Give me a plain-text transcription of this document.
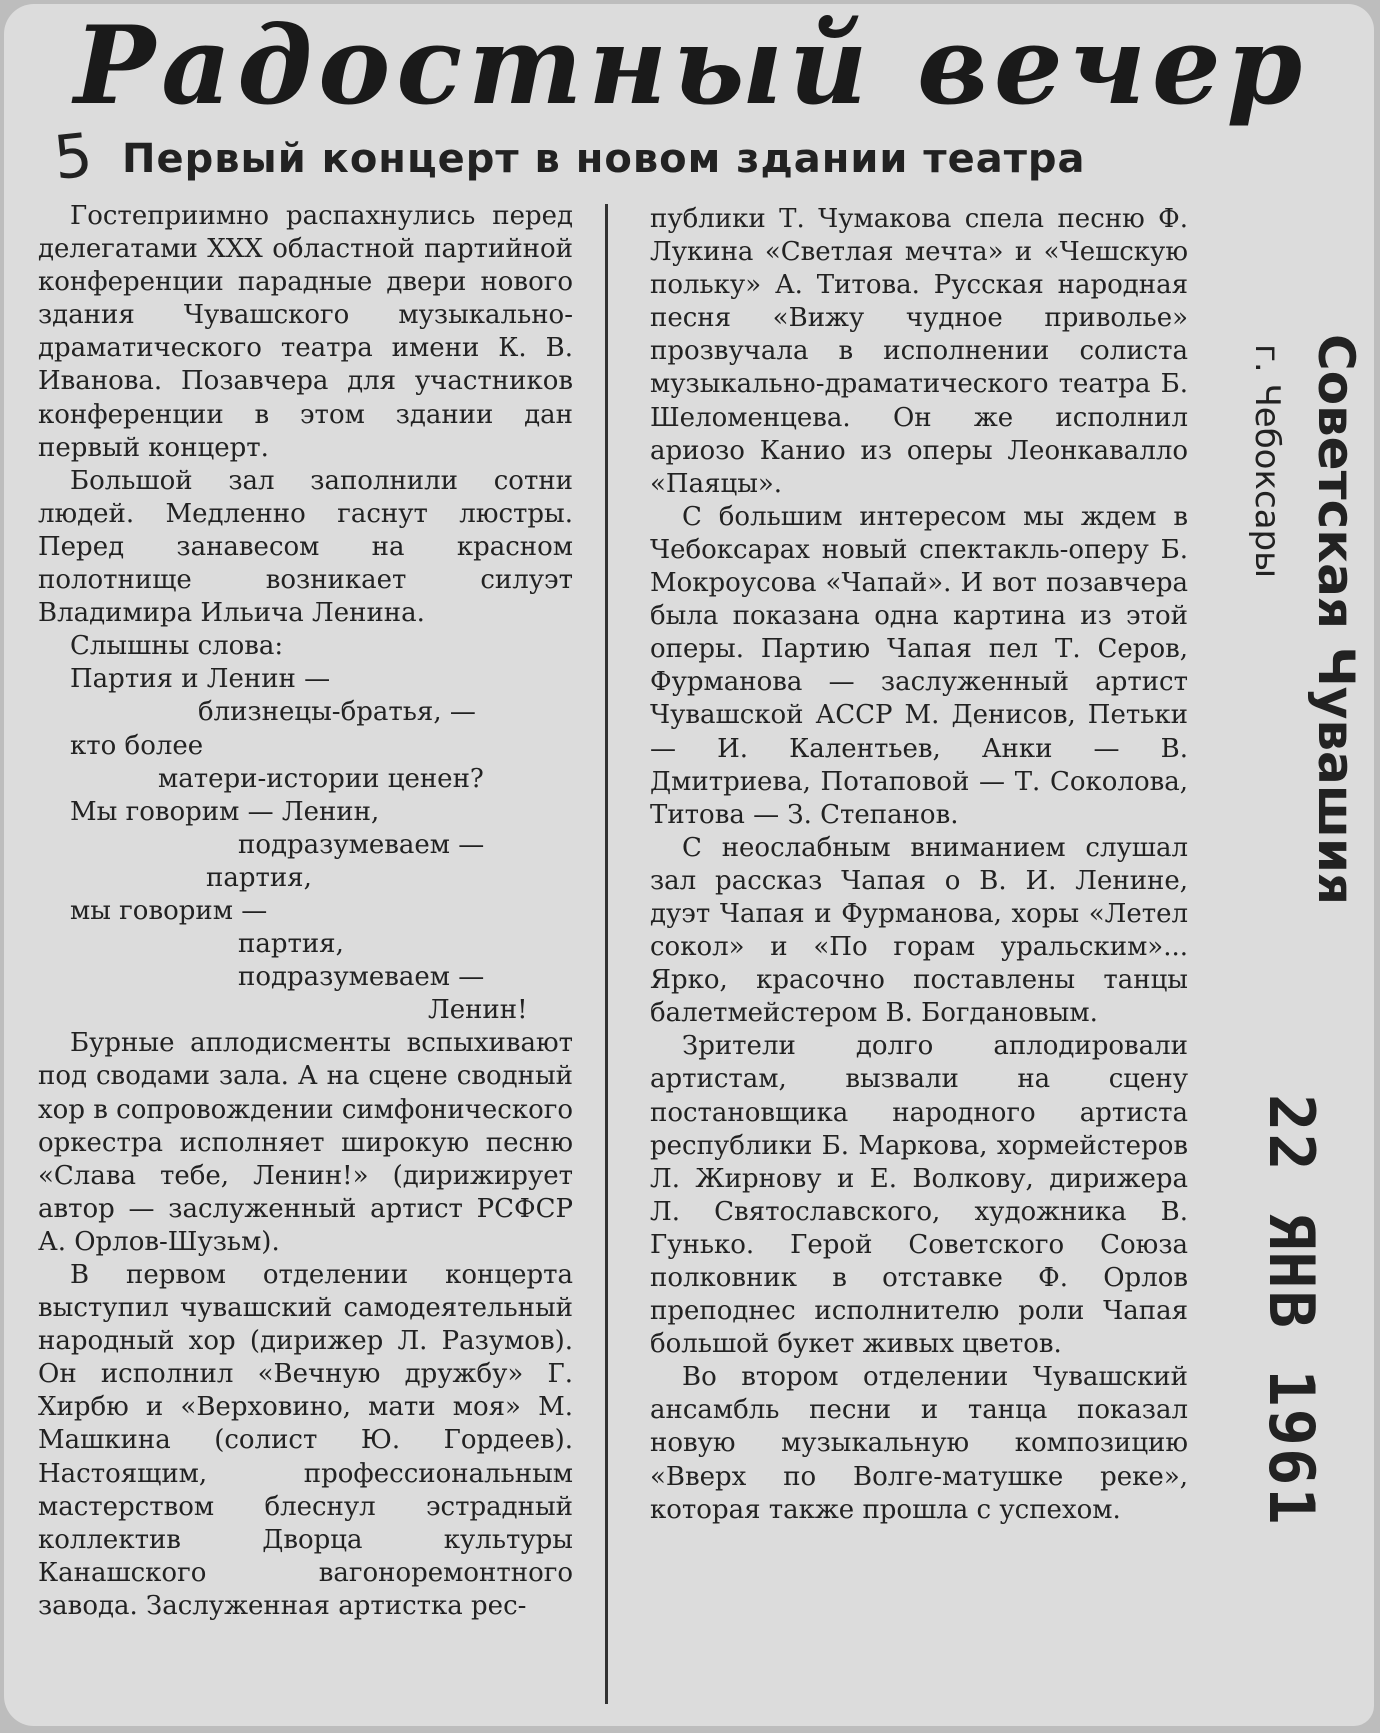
Радостный вечер
5 Первый концерт в новом здании театра

Гостеприимно распахнулись перед делегатами XXX областной партийной конференции парадные двери нового здания Чувашского музыкально-драматического театра имени К. В. Иванова. Позавчера для участников конференции в этом здании дан первый концерт.

Большой зал заполнили сотни людей. Медленно гаснут люстры. Перед занавесом на красном полотнище возникает силуэт Владимира Ильича Ленина.

Слышны слова:

Партия и Ленин —
близнецы-братья, —
кто более
матери-истории ценен?
Мы говорим — Ленин,
подразумеваем —
партия,
мы говорим —
партия,
подразумеваем —
Ленин!

Бурные аплодисменты вспыхивают под сводами зала. А на сцене сводный хор в сопровождении симфонического оркестра исполняет широкую песню «Слава тебе, Ленин!» (дирижирует автор — заслуженный артист РСФСР А. Орлов-Шузьм).

В первом отделении концерта выступил чувашский самодеятельный народный хор (дирижер Л. Разумов). Он исполнил «Вечную дружбу» Г. Хирбю и «Верховино, мати моя» М. Машкина (солист Ю. Гордеев). Настоящим, профессиональным мастерством блеснул эстрадный коллектив Дворца культуры Канашского вагоноремонтного завода. Заслуженная артистка рес-

публики Т. Чумакова спела песню Ф. Лукина «Светлая мечта» и «Чешскую польку» А. Титова. Русская народная песня «Вижу чудное приволье» прозвучала в исполнении солиста музыкально-драматического театра Б. Шеломенцева. Он же исполнил ариозо Канио из оперы Леонкавалло «Паяцы».

С большим интересом мы ждем в Чебоксарах новый спектакль-оперу Б. Мокроусова «Чапай». И вот позавчера была показана одна картина из этой оперы. Партию Чапая пел Т. Серов, Фурманова — заслуженный артист Чувашской АССР М. Денисов, Петьки — И. Калентьев, Анки — В. Дмитриева, Потаповой — Т. Соколова, Титова — З. Степанов.

С неослабным вниманием слушал зал рассказ Чапая о В. И. Ленине, дуэт Чапая и Фурманова, хоры «Летел сокол» и «По горам уральским»... Ярко, красочно поставлены танцы балетмейстером В. Богдановым.

Зрители долго аплодировали артистам, вызвали на сцену постановщика народного артиста республики Б. Маркова, хормейстеров Л. Жирнову и Е. Волкову, дирижера Л. Святославского, художника В. Гунько. Герой Советского Союза полковник в отставке Ф. Орлов преподнес исполнителю роли Чапая большой букет живых цветов.

Во втором отделении Чувашский ансамбль песни и танца показал новую музыкальную композицию «Вверх по Волге-матушке реке», которая также прошла с успехом.

Советская Чувашия
г. Чебоксары
22 ЯНВ 1961
